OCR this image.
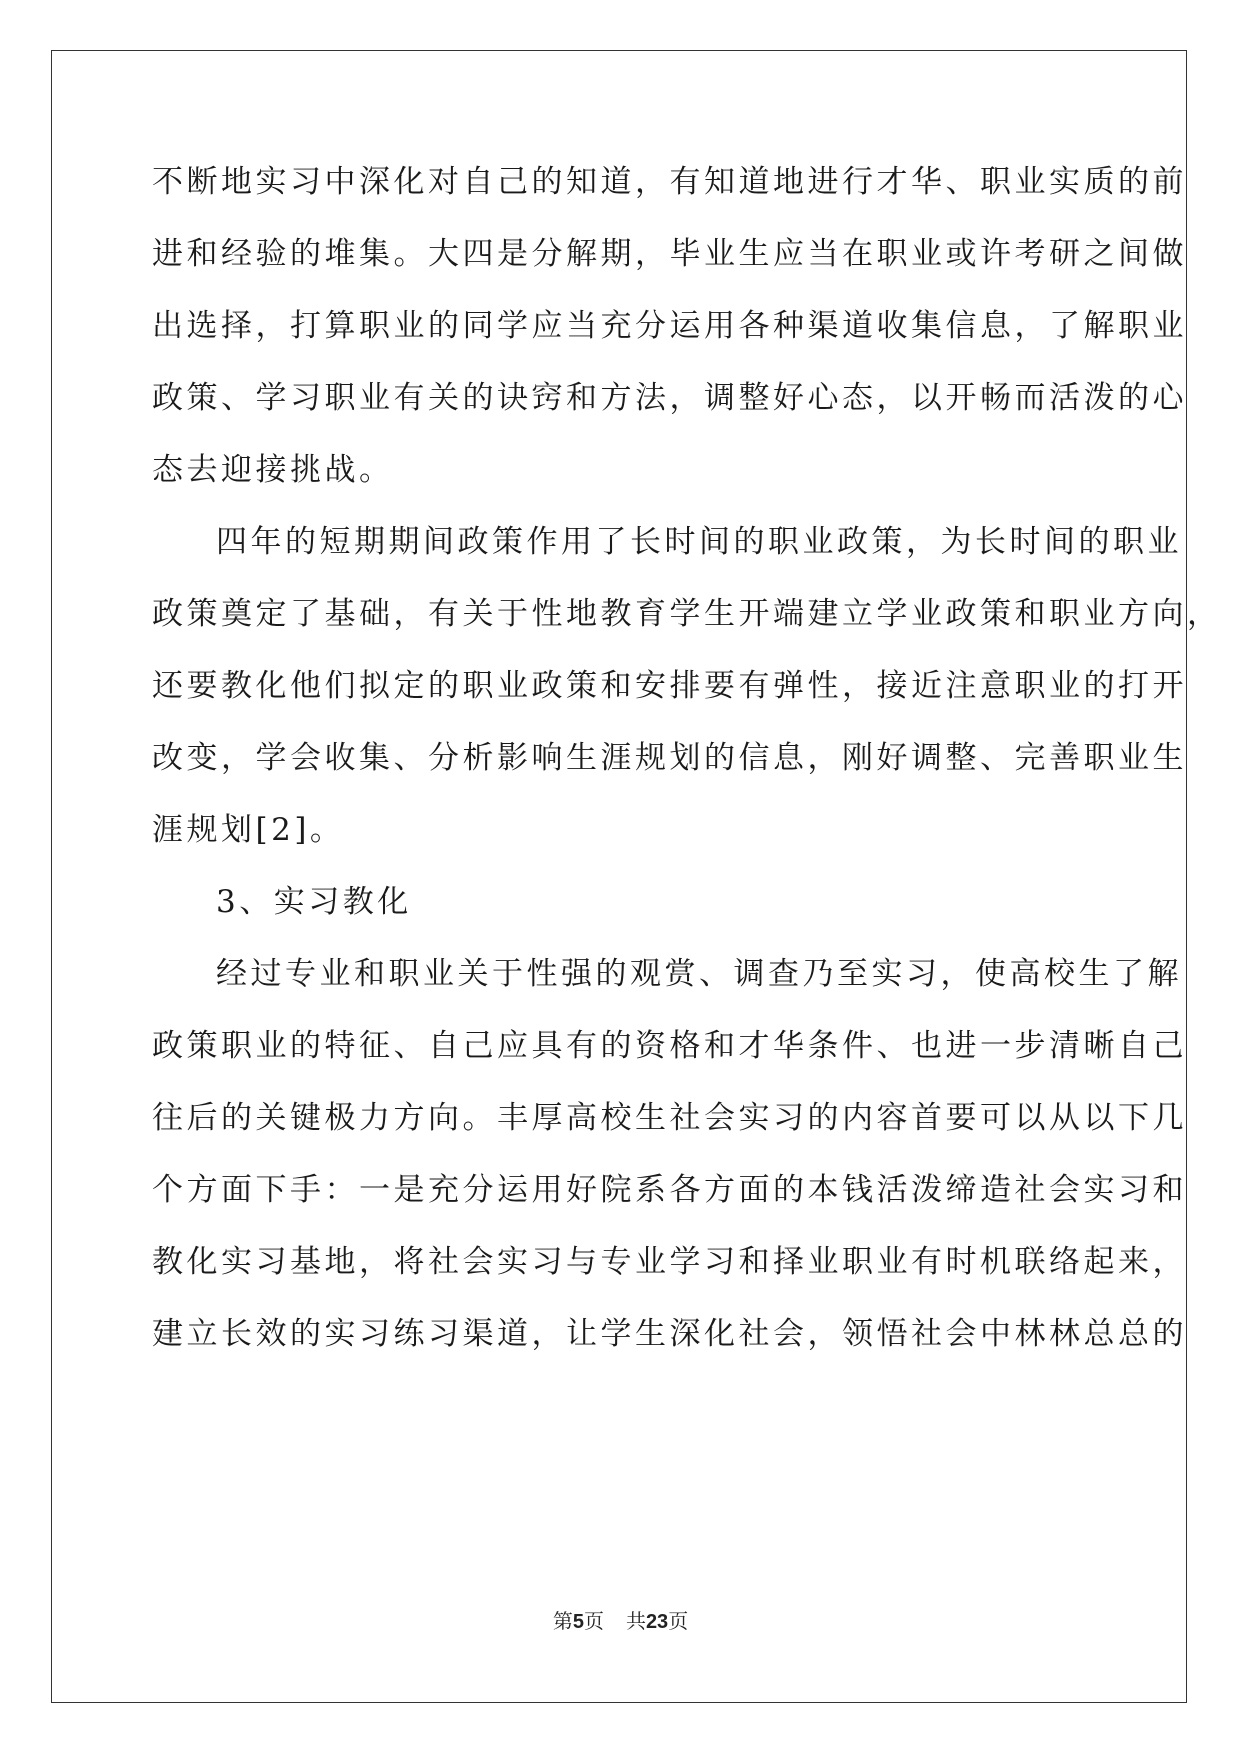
不断地实习中深化对自己的知道，有知道地进行才华、职业实质的前
进和经验的堆集。大四是分解期，毕业生应当在职业或许考研之间做
出选择，打算职业的同学应当充分运用各种渠道收集信息，了解职业
政策、学习职业有关的诀窍和方法，调整好心态，以开畅而活泼的心
态去迎接挑战。
四年的短期期间政策作用了长时间的职业政策，为长时间的职业
政策奠定了基础，有关于性地教育学生开端建立学业政策和职业方向，
还要教化他们拟定的职业政策和安排要有弹性，接近注意职业的打开
改变，学会收集、分析影响生涯规划的信息，刚好调整、完善职业生
涯规划[2]。
3、实习教化
经过专业和职业关于性强的观赏、调查乃至实习，使高校生了解
政策职业的特征、自己应具有的资格和才华条件、也进一步清晰自己
往后的关键极力方向。丰厚高校生社会实习的内容首要可以从以下几
个方面下手：一是充分运用好院系各方面的本钱活泼缔造社会实习和
教化实习基地，将社会实习与专业学习和择业职业有时机联络起来，
建立长效的实习练习渠道，让学生深化社会，领悟社会中林林总总的
第5页 共23页
